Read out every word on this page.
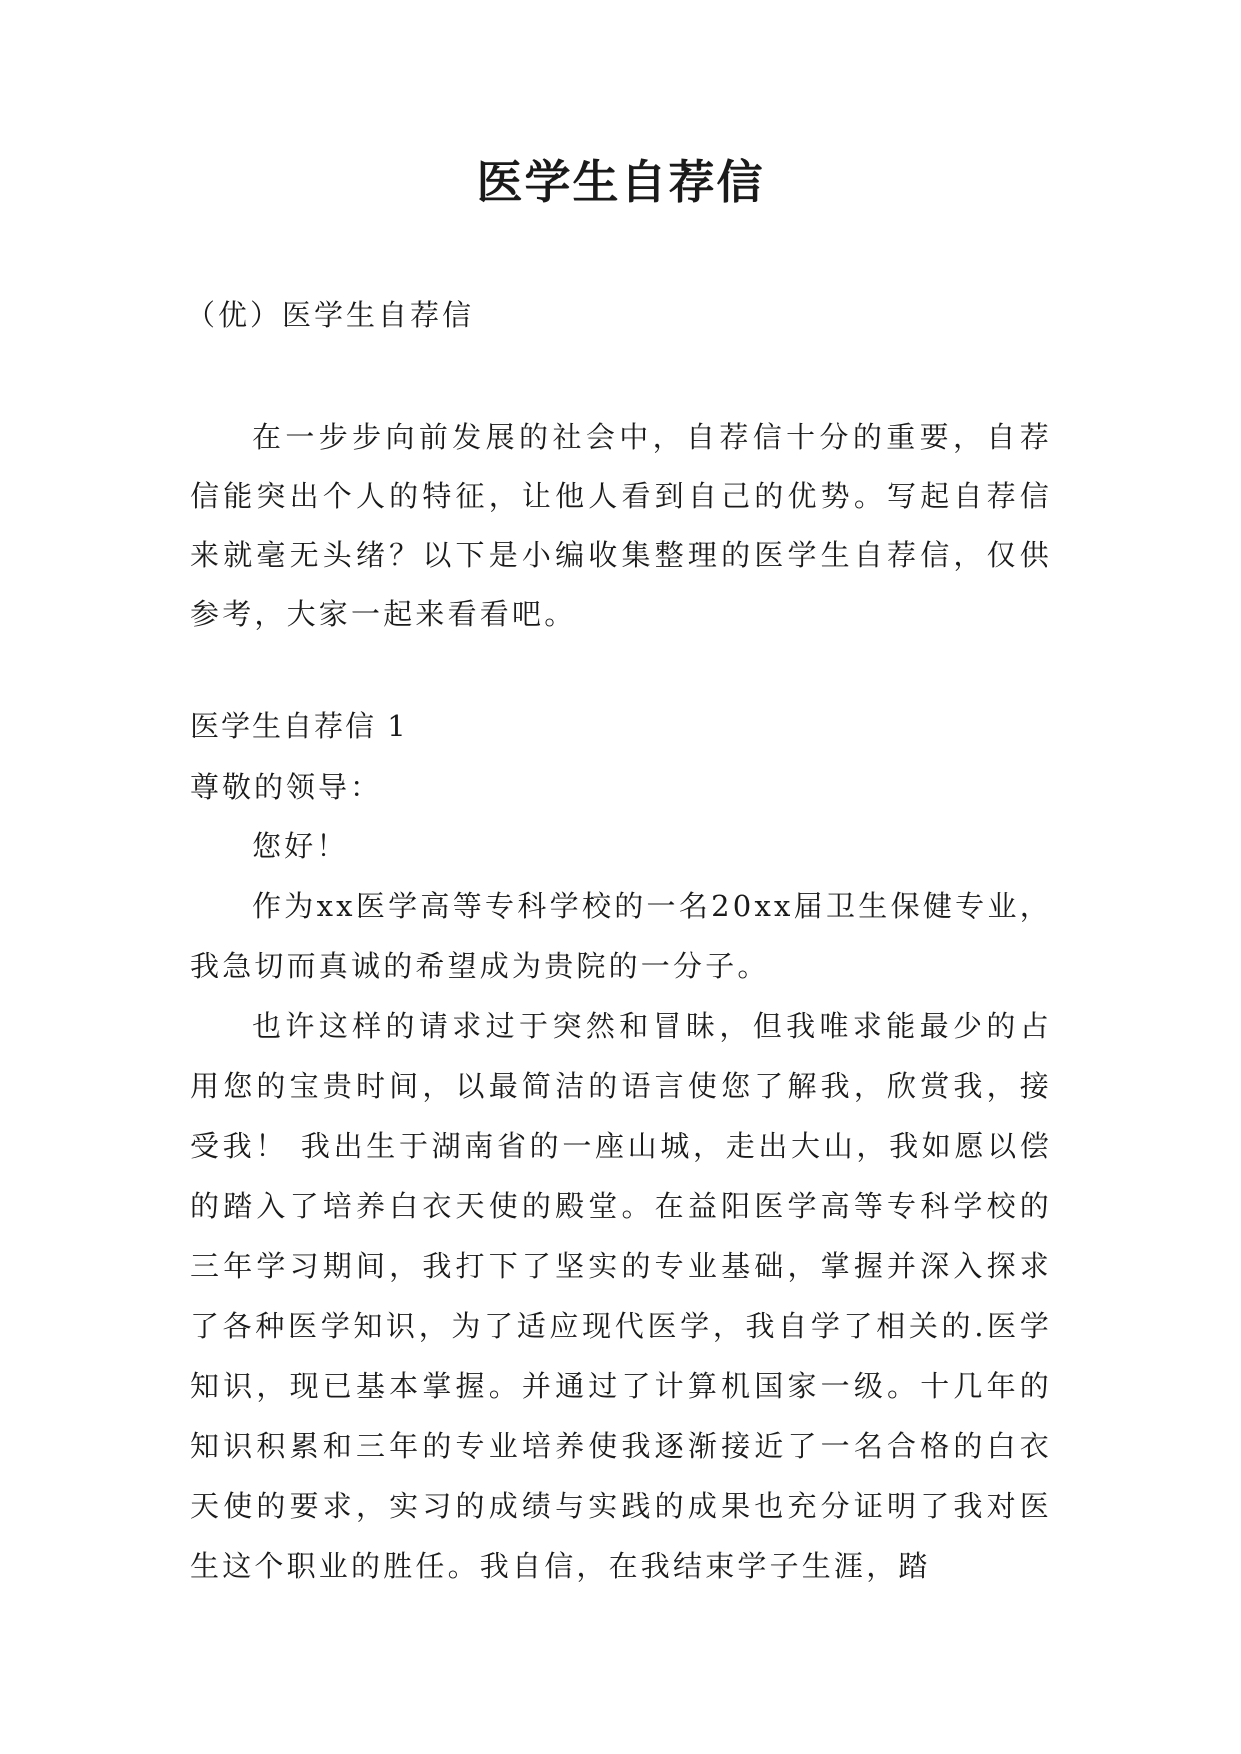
医学生自荐信
（优）医学生自荐信

在一步步向前发展的社会中，自荐信十分的重要，自荐信能突出个人的特征，让他人看到自己的优势。写起自荐信来就毫无头绪？以下是小编收集整理的医学生自荐信，仅供参考，大家一起来看看吧。

医学生自荐信 1
尊敬的领导：

您好！

作为xx医学高等专科学校的一名20xx届卫生保健专业，我急切而真诚的希望成为贵院的一分子。

也许这样的请求过于突然和冒昧，但我唯求能最少的占用您的宝贵时间，以最简洁的语言使您了解我，欣赏我，接受我！ 我出生于湖南省的一座山城，走出大山，我如愿以偿的踏入了培养白衣天使的殿堂。在益阳医学高等专科学校的三年学习期间，我打下了坚实的专业基础，掌握并深入探求了各种医学知识，为了适应现代医学，我自学了相关的.医学知识，现已基本掌握。并通过了计算机国家一级。十几年的知识积累和三年的专业培养使我逐渐接近了一名合格的白衣天使的要求，实习的成绩与实践的成果也充分证明了我对医生这个职业的胜任。我自信，在我结束学子生涯，踏
